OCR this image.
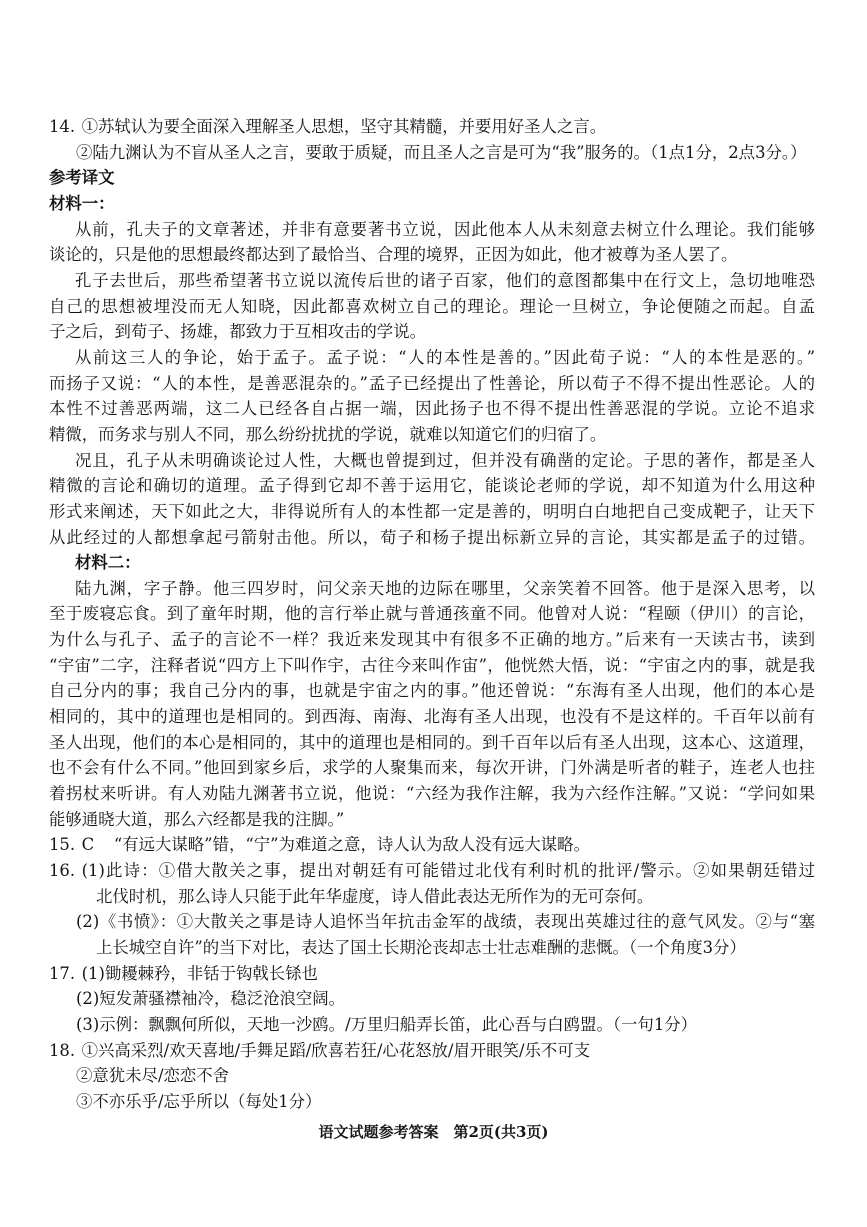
14. ①苏轼认为要全面深入理解圣人思想，坚守其精髓，并要用好圣人之言。
②陆九渊认为不盲从圣人之言，要敢于质疑，而且圣人之言是可为“我”服务的。（1点1分，2点3分。）
参考译文
材料一：
从前，孔夫子的文章著述，并非有意要著书立说，因此他本人从未刻意去树立什么理论。我们能够
谈论的，只是他的思想最终都达到了最恰当、合理的境界，正因为如此，他才被尊为圣人罢了。
孔子去世后，那些希望著书立说以流传后世的诸子百家，他们的意图都集中在行文上，急切地唯恐
自己的思想被埋没而无人知晓，因此都喜欢树立自己的理论。理论一旦树立，争论便随之而起。自孟
子之后，到荀子、扬雄，都致力于互相攻击的学说。
从前这三人的争论，始于孟子。孟子说：“人的本性是善的。”因此荀子说：“人的本性是恶的。”
而扬子又说：“人的本性，是善恶混杂的。”孟子已经提出了性善论，所以荀子不得不提出性恶论。人的
本性不过善恶两端，这二人已经各自占据一端，因此扬子也不得不提出性善恶混的学说。立论不追求
精微，而务求与别人不同，那么纷纷扰扰的学说，就难以知道它们的归宿了。
况且，孔子从未明确谈论过人性，大概也曾提到过，但并没有确凿的定论。子思的著作，都是圣人
精微的言论和确切的道理。孟子得到它却不善于运用它，能谈论老师的学说，却不知道为什么用这种
形式来阐述，天下如此之大，非得说所有人的本性都一定是善的，明明白白地把自己变成靶子，让天下
从此经过的人都想拿起弓箭射击他。所以，荀子和杨子提出标新立异的言论，其实都是孟子的过错。
材料二：
陆九渊，字子静。他三四岁时，问父亲天地的边际在哪里，父亲笑着不回答。他于是深入思考，以
至于废寝忘食。到了童年时期，他的言行举止就与普通孩童不同。他曾对人说：“程颐（伊川）的言论，
为什么与孔子、孟子的言论不一样？我近来发现其中有很多不正确的地方。”后来有一天读古书，读到
“宇宙”二字，注释者说“四方上下叫作宇，古往今来叫作宙”，他恍然大悟，说：“宇宙之内的事，就是我
自己分内的事；我自己分内的事，也就是宇宙之内的事。”他还曾说：“东海有圣人出现，他们的本心是
相同的，其中的道理也是相同的。到西海、南海、北海有圣人出现，也没有不是这样的。千百年以前有
圣人出现，他们的本心是相同的，其中的道理也是相同的。到千百年以后有圣人出现，这本心、这道理，
也不会有什么不同。”他回到家乡后，求学的人聚集而来，每次开讲，门外满是听者的鞋子，连老人也拄
着拐杖来听讲。有人劝陆九渊著书立说，他说：“六经为我作注解，我为六经作注解。”又说：“学问如果
能够通晓大道，那么六经都是我的注脚。”
15. C “有远大谋略”错，“宁”为难道之意，诗人认为敌人没有远大谋略。
16. (1)此诗：①借大散关之事，提出对朝廷有可能错过北伐有利时机的批评/警示。②如果朝廷错过
北伐时机，那么诗人只能于此年华虚度，诗人借此表达无所作为的无可奈何。
(2)《书愤》：①大散关之事是诗人追怀当年抗击金军的战绩，表现出英雄过往的意气风发。②与“塞
上长城空自许”的当下对比，表达了国土长期沦丧却志士壮志难酬的悲慨。（一个角度3分）
17. (1)锄耰棘矜，非铦于钩戟长铩也
(2)短发萧骚襟袖冷，稳泛沧浪空阔。
(3)示例：飘飘何所似，天地一沙鸥。/万里归船弄长笛，此心吾与白鸥盟。（一句1分）
18. ①兴高采烈/欢天喜地/手舞足蹈/欣喜若狂/心花怒放/眉开眼笑/乐不可支
②意犹未尽/恋恋不舍
③不亦乐乎/忘乎所以（每处1分）
语文试题参考答案　第2页(共3页)
